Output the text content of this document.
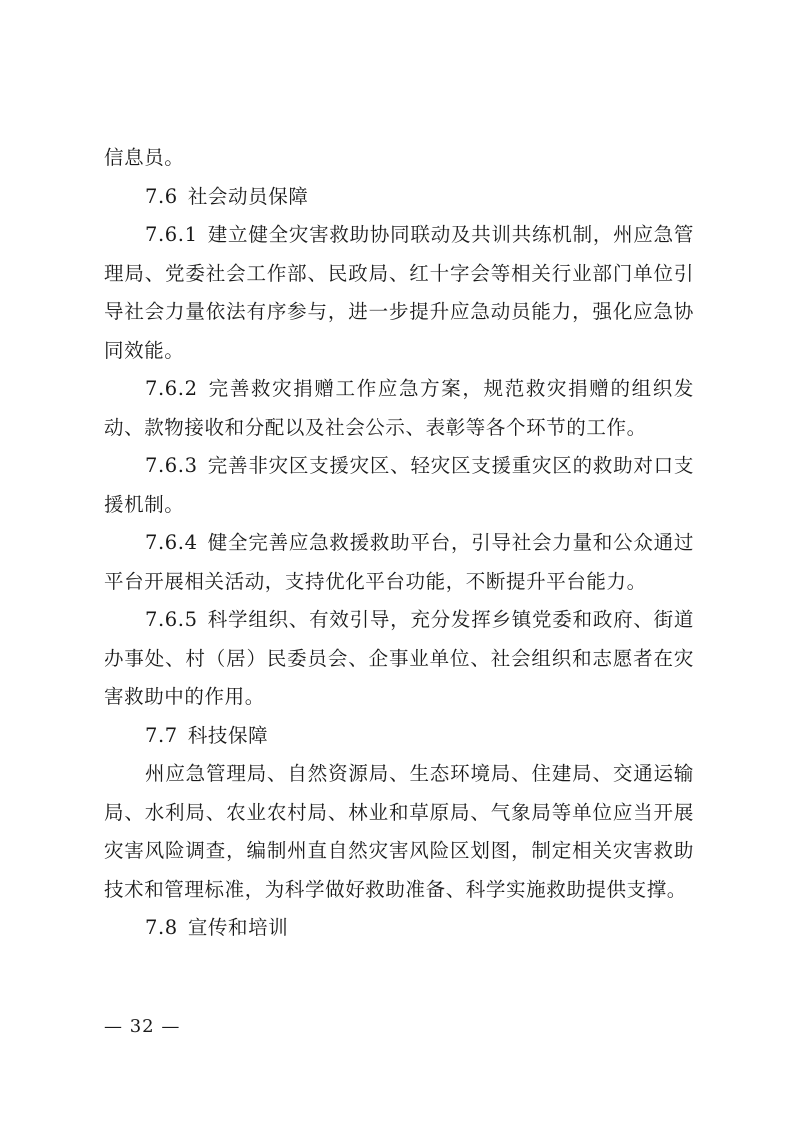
信息员。

7.6 社会动员保障

7.6.1 建立健全灾害救助协同联动及共训共练机制，州应急管理局、党委社会工作部、民政局、红十字会等相关行业部门单位引导社会力量依法有序参与，进一步提升应急动员能力，强化应急协同效能。

7.6.2 完善救灾捐赠工作应急方案，规范救灾捐赠的组织发动、款物接收和分配以及社会公示、表彰等各个环节的工作。

7.6.3 完善非灾区支援灾区、轻灾区支援重灾区的救助对口支援机制。

7.6.4 健全完善应急救援救助平台，引导社会力量和公众通过平台开展相关活动，支持优化平台功能，不断提升平台能力。

7.6.5 科学组织、有效引导，充分发挥乡镇党委和政府、街道办事处、村（居）民委员会、企事业单位、社会组织和志愿者在灾害救助中的作用。

7.7 科技保障

州应急管理局、自然资源局、生态环境局、住建局、交通运输局、水利局、农业农村局、林业和草原局、气象局等单位应当开展灾害风险调查，编制州直自然灾害风险区划图，制定相关灾害救助技术和管理标准，为科学做好救助准备、科学实施救助提供支撑。

7.8 宣传和培训

— 32 —
